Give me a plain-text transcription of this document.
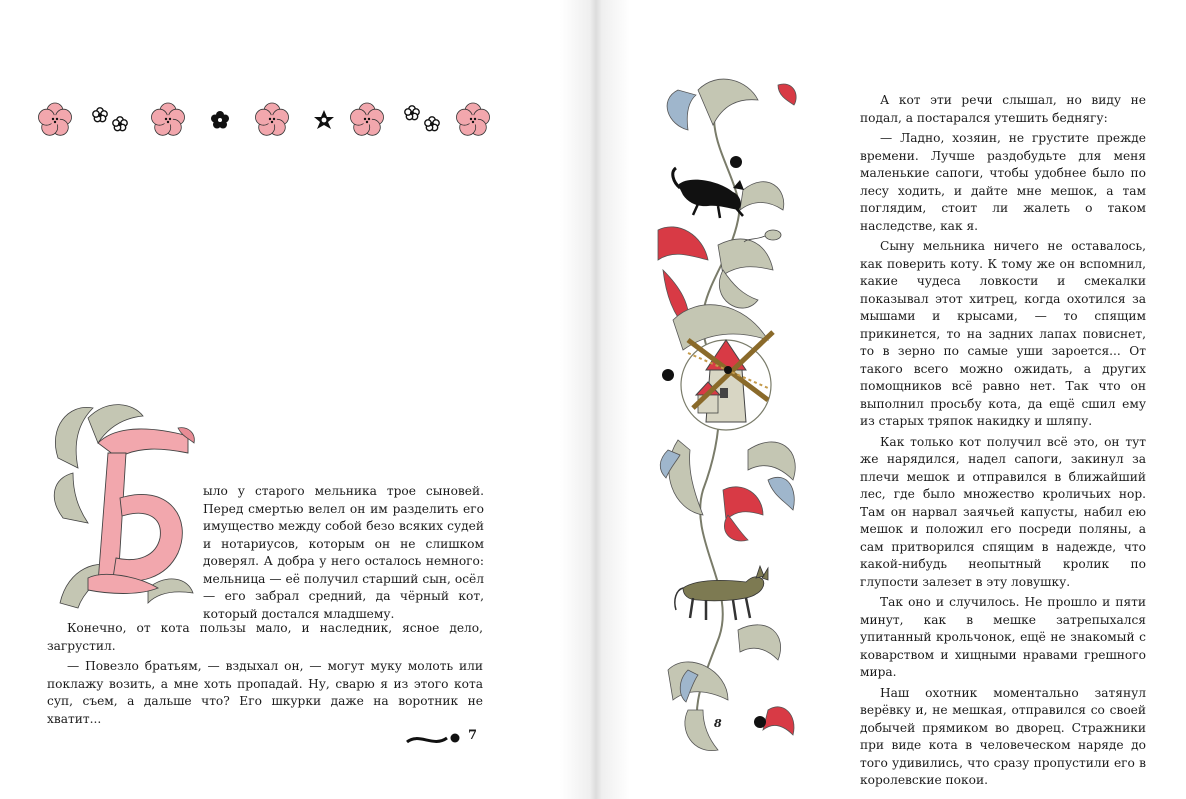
ыло у старого мельника трое сыновей. Перед смертью велел он им разделить его имущество между собой безо всяких судей и нотариусов, которым он не слишком доверял. А добра у него осталось немного: мельница — её получил старший сын, осёл — его забрал средний, да чёрный кот, который достался младшему.

Конечно, от кота пользы мало, и наследник, ясное дело, загрустил.

— Повезло братьям, — вздыхал он, — могут муку молоть или поклажу возить, а мне хоть пропадай. Ну, сварю я из этого кота суп, съем, а дальше что? Его шкурки даже на воротник не хватит...

7

А кот эти речи слышал, но виду не подал, а постарался утешить беднягу:

— Ладно, хозяин, не грустите прежде времени. Лучше раздобудьте для меня маленькие сапоги, чтобы удобнее было по лесу ходить, и дайте мне мешок, а там поглядим, стоит ли жалеть о таком наследстве, как я.

Сыну мельника ничего не оставалось, как поверить коту. К тому же он вспомнил, какие чудеса ловкости и смекалки показывал этот хитрец, когда охотился за мышами и крысами, — то спящим прикинется, то на задних лапах повиснет, то в зерно по самые уши зароется... От такого всего можно ожидать, а других помощников всё равно нет. Так что он выполнил просьбу кота, да ещё сшил ему из старых тряпок накидку и шляпу.

Как только кот получил всё это, он тут же нарядился, надел сапоги, закинул за плечи мешок и отправился в ближайший лес, где было множество кроличьих нор. Там он нарвал заячьей капусты, набил ею мешок и положил его посреди поляны, а сам притворился спящим в надежде, что какой-нибудь неопытный кролик по глупости залезет в эту ловушку.

Так оно и случилось. Не прошло и пяти минут, как в мешке затрепыхался упитанный крольчонок, ещё не знакомый с коварством и хищными нравами грешного мира.

Наш охотник моментально затянул верёвку и, не мешкая, отправился со своей добычей прямиком во дворец. Стражники при виде кота в человеческом наряде до того удивились, что сразу пропустили его в королевские покои.

8
